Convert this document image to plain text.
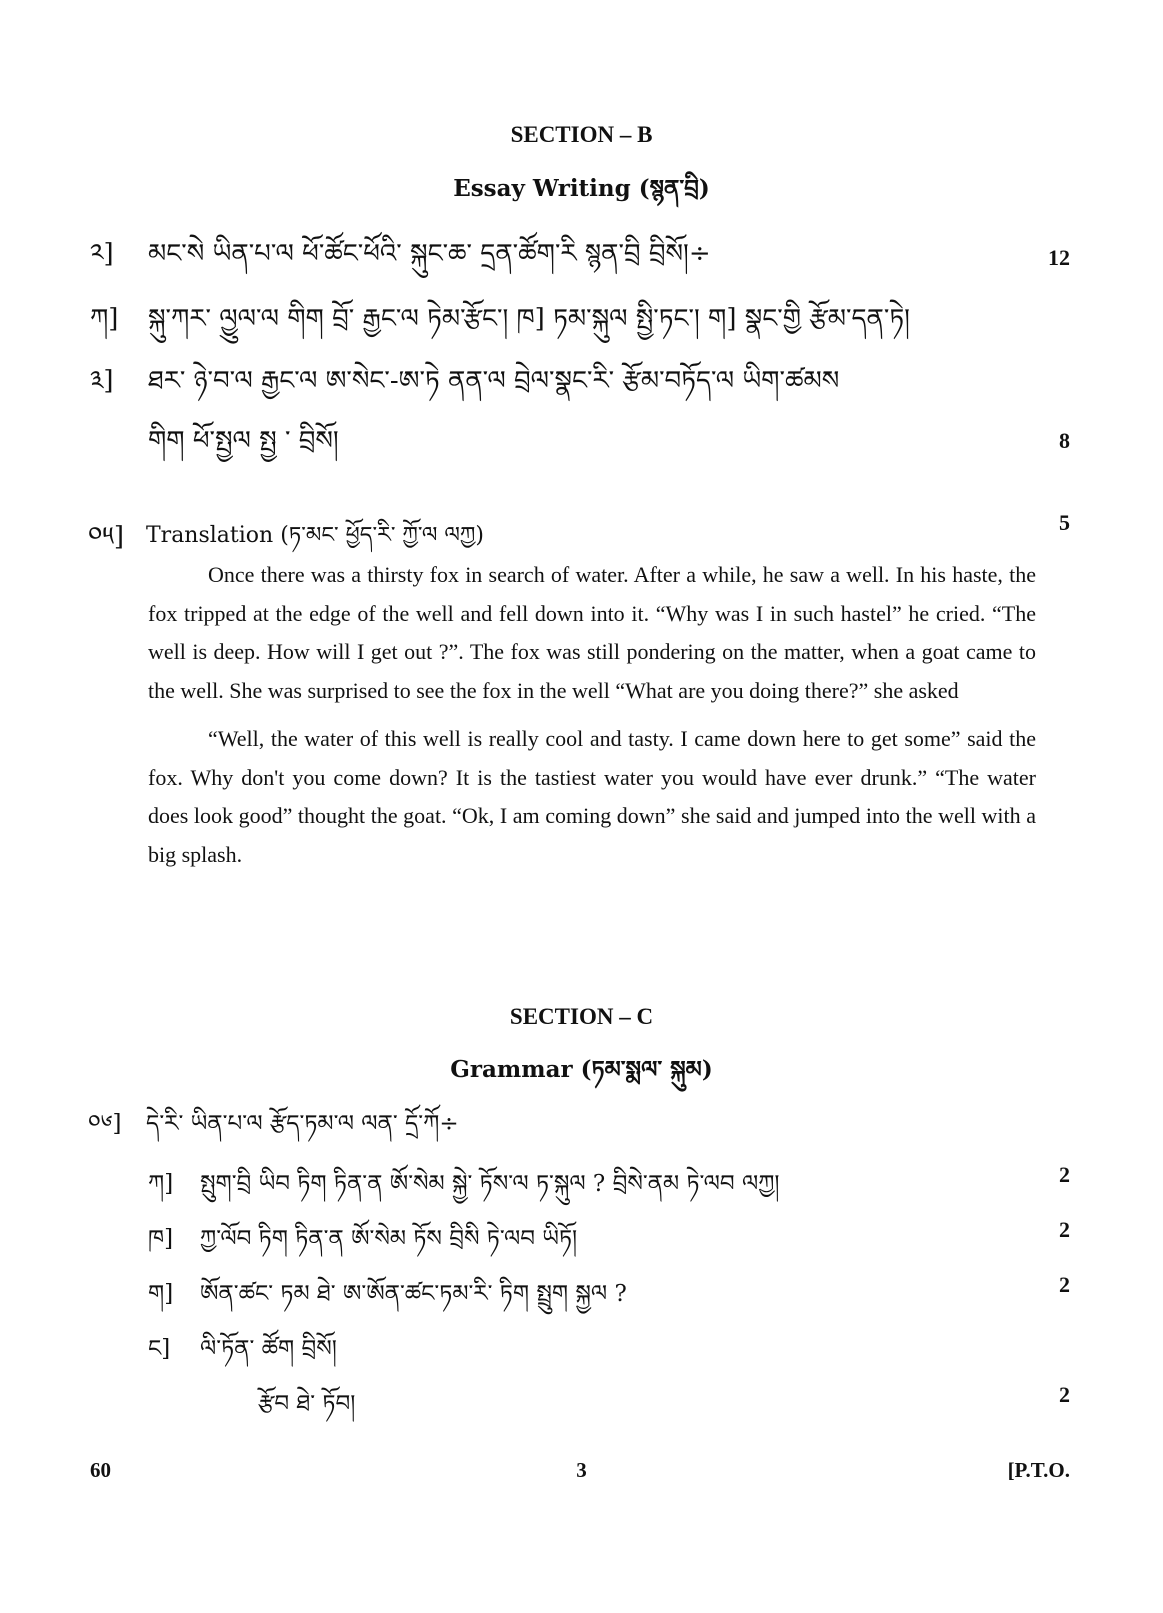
SECTION – B
Essay Writing (སྙན་བྲི)
༢] མང་སེ ཡིན་པ་ལ ཕོ་ཚོང་ཕོའི་ སྐུང་ཆ་ དྲན་ཚོག་རི སྙན་བྲི བྲིསོ།÷	12
ཀ] སྐུ་ཀར་ ལྱུལ་ལ གིག བྲོ་ རྒྱང་ལ ཏེམ་རྩོང་། ཁ] ཏམ་སྐུལ སྤྱི་ཏང་། ག] སྣང་གྱི རྩོམ་དན་ཏེ།
༣] ཐར་ ཉེ་བ་ལ རྒྱང་ལ ཨ་སེང་-ཨ་ཏེ ནན་ལ བྲེལ་སྣང་རི་ རྩོམ་བཏོད་ལ ཡིག་ཚམས
གིག ཕོ་སྤྱལ སྤྱ ་ བྲིསོ།	8
༠༥] Translation (ཏ་མང་ ཕྱོད་རི་ ཀྱོ་ལ ལཀྱ)
5

Once there was a thirsty fox in search of water. After a while, he saw a well. In his haste, the fox tripped at the edge of the well and fell down into it. “Why was I in such hastel” he cried. “The well is deep. How will I get out ?”. The fox was still pondering on the matter, when a goat came to the well. She was surprised to see the fox in the well “What are you doing there?” she asked

“Well, the water of this well is really cool and tasty. I came down here to get some” said the fox. Why don't you come down? It is the tastiest water you would have ever drunk.” “The water does look good” thought the goat. “Ok, I am coming down” she said and jumped into the well with a big splash.

SECTION – C
Grammar (ཏམ་སྨལ་ སྐུམ)
༠༦] དེ་རི་ ཡིན་པ་ལ རྩོད་ཏམ་ལ ལན་ དྲོ་ཀོ÷
ཀ] སྤུག་བྲི ཡིབ ཏིག ཏིན་ན ཨོ་སེམ སྐྱེ་ ཏོས་ལ ཏ་སྐུལ ? བྲིསེ་ནམ ཏེ་ལབ ལཀྱ།	2
ཁ] ཀྱ་ལོབ ཏིག ཏིན་ན ཨོ་སེམ ཏོས བྲིསི ཏེ་ལབ ཡིཏོ།	2
ག] ཨོན་ཚང་ ཏམ ཐེ་ ཨ་ཨོན་ཚང་ཏམ་རི་ ཏིག སྤྲུག སྐྱལ ?	2
ང] ལི་ཏོན་ ཚོག བྲིསོ།
རྩོབ ཐེ་ ཏོབ།	2
60	3	[P.T.O.
